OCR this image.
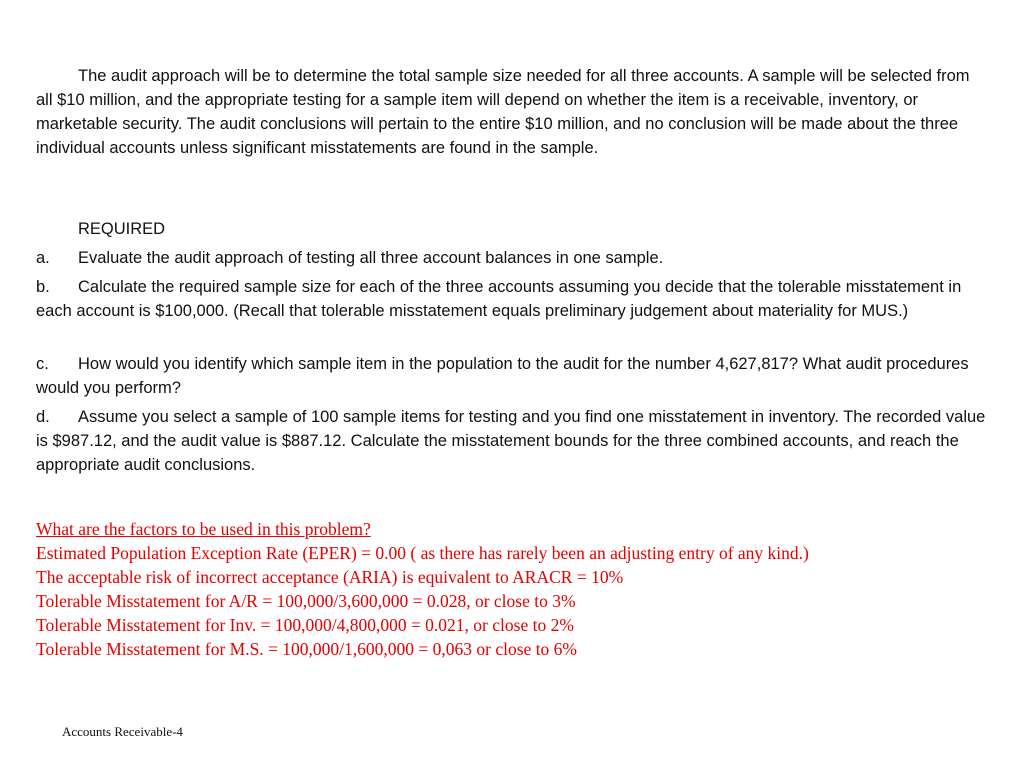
The audit approach will be to determine the total sample size needed for all three accounts. A sample will be selected from all $10 million, and the appropriate testing for a sample item will depend on whether the item is a receivable, inventory, or marketable security. The audit conclusions will pertain to the entire $10 million, and no conclusion will be made about the three individual accounts unless significant misstatements are found in the sample.

REQUIRED

a. Evaluate the audit approach of testing all three account balances in one sample.

b. Calculate the required sample size for each of the three accounts assuming you decide that the tolerable misstatement in each account is $100,000. (Recall that tolerable misstatement equals preliminary judgement about materiality for MUS.)

c. How would you identify which sample item in the population to the audit for the number 4,627,817? What audit procedures would you perform?

d. Assume you select a sample of 100 sample items for testing and you find one misstatement in inventory. The recorded value is $987.12, and the audit value is $887.12. Calculate the misstatement bounds for the three combined accounts, and reach the appropriate audit conclusions.

What are the factors to be used in this problem?
Estimated Population Exception Rate (EPER) = 0.00 ( as there has rarely been an adjusting entry of any kind.)
The acceptable risk of incorrect acceptance (ARIA) is equivalent to ARACR = 10%
Tolerable Misstatement for A/R = 100,000/3,600,000 = 0.028, or close to 3%
Tolerable Misstatement for Inv. = 100,000/4,800,000 = 0.021, or close to 2%
Tolerable Misstatement for M.S. = 100,000/1,600,000 = 0,063 or close to 6%
Accounts Receivable-4
